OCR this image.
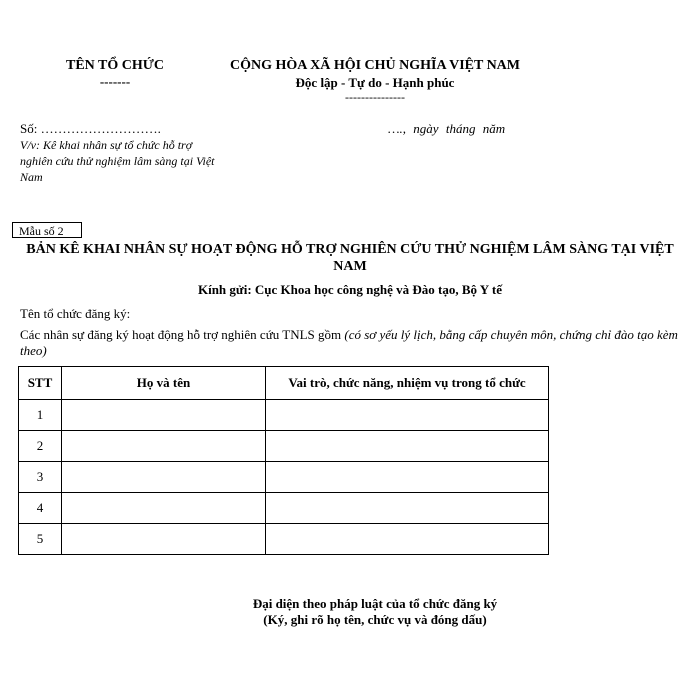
TÊN TỔ CHỨC
-------
CỘNG HÒA XÃ HỘI CHỦ NGHĨA VIỆT NAM
Độc lập - Tự do - Hạnh phúc
---------------
Số: ……………………….	…., ngày tháng năm
V/v: Kê khai nhân sự tổ chức hỗ trợ nghiên cứu thử nghiệm lâm sàng tại Việt Nam
Mẫu số 2
BẢN KÊ KHAI NHÂN SỰ HOẠT ĐỘNG HỖ TRỢ NGHIÊN CỨU THỬ NGHIỆM LÂM SÀNG TẠI VIỆT NAM
Kính gửi: Cục Khoa học công nghệ và Đào tạo, Bộ Y tế
Tên tổ chức đăng ký:
Các nhân sự đăng ký hoạt động hỗ trợ nghiên cứu TNLS gồm (có sơ yếu lý lịch, bằng cấp chuyên môn, chứng chỉ đào tạo kèm theo)
STT	Họ và tên	Vai trò, chức năng, nhiệm vụ trong tổ chức
1		
2		
3		
4		
5		
Đại diện theo pháp luật của tổ chức đăng ký
(Ký, ghi rõ họ tên, chức vụ và đóng dấu)
